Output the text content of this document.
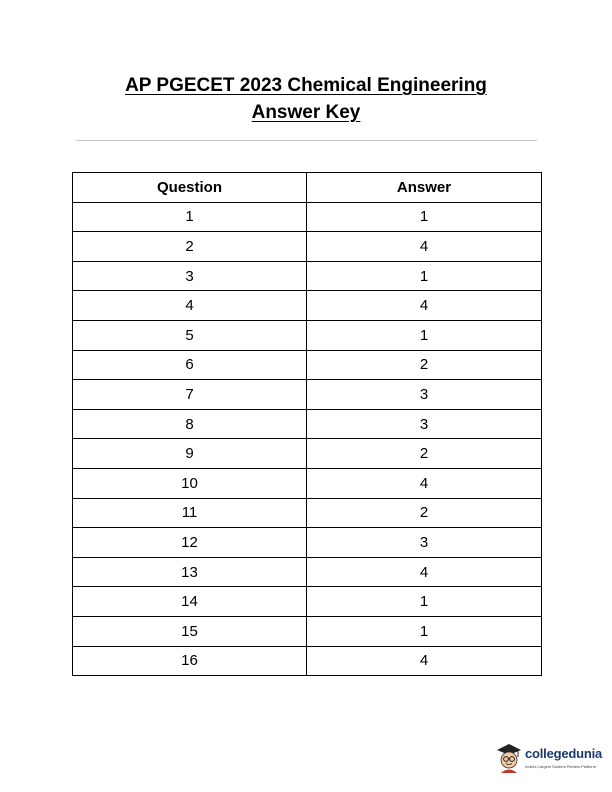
AP PGECET 2023 Chemical Engineering
Answer Key
Question	Answer
1	1
2	4
3	1
4	4
5	1
6	2
7	3
8	3
9	2
10	4
11	2
12	3
13	4
14	1
15	1
16	4
collegedunia
India's Largest Student Review Platform
